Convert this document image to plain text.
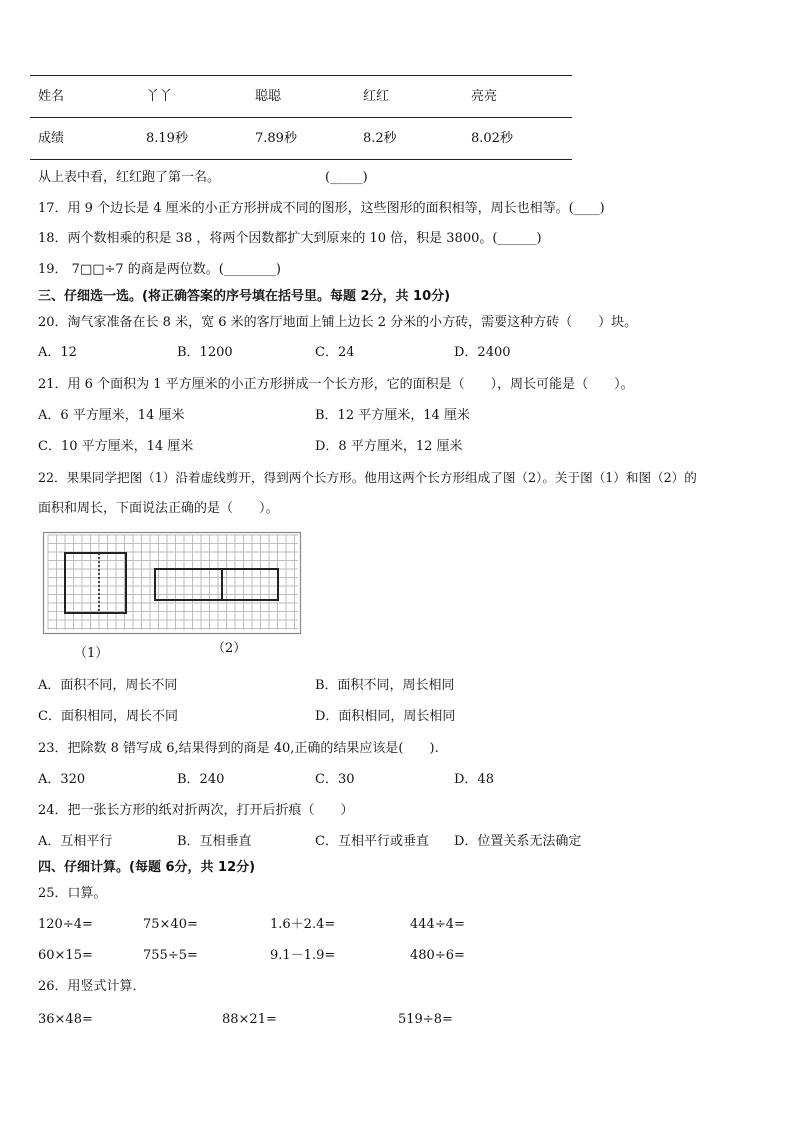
姓名	丫丫	聪聪	红红	亮亮
成绩	8.19秒	7.89秒	8.2秒	8.02秒
从上表中看，红红跑了第一名。	(_____)
17．用 9 个边长是 4 厘米的小正方形拼成不同的图形，这些图形的面积相等，周长也相等。(____)
18．两个数相乘的积是 38 ，将两个因数都扩大到原来的 10 倍，积是 3800。(______)
19． 7□□÷7 的商是两位数。(________)
三、仔细选一选。(将正确答案的序号填在括号里。每题 2分，共 10分)
20．淘气家准备在长 8 米，宽 6 米的客厅地面上铺上边长 2 分米的小方砖，需要这种方砖（　　）块。
A．12	B．1200	C．24	D．2400
21．用 6 个面积为 1 平方厘米的小正方形拼成一个长方形，它的面积是（　　），周长可能是（　　）。
A．6 平方厘米，14 厘米	B．12 平方厘米，14 厘米
C．10 平方厘米，14 厘米	D．8 平方厘米，12 厘米
22．果果同学把图（1）沿着虚线剪开，得到两个长方形。他用这两个长方形组成了图（2）。关于图（1）和图（2）的
面积和周长，下面说法正确的是（　　）。
（1）	（2）
A．面积不同，周长不同	B．面积不同，周长相同
C．面积相同，周长不同	D．面积相同，周长相同
23．把除数 8 错写成 6,结果得到的商是 40,正确的结果应该是(　　).
A．320	B．240	C．30	D．48
24．把一张长方形的纸对折两次，打开后折痕（　　）
A．互相平行	B．互相垂直	C．互相平行或垂直 D．位置关系无法确定
四、仔细计算。(每题 6分，共 12分)
25．口算。
120÷4=	75×40=	1.6＋2.4=	444÷4=
60×15=	755÷5=	9.1－1.9=	480÷6=
26．用竖式计算．
36×48=	88×21=	519÷8=
